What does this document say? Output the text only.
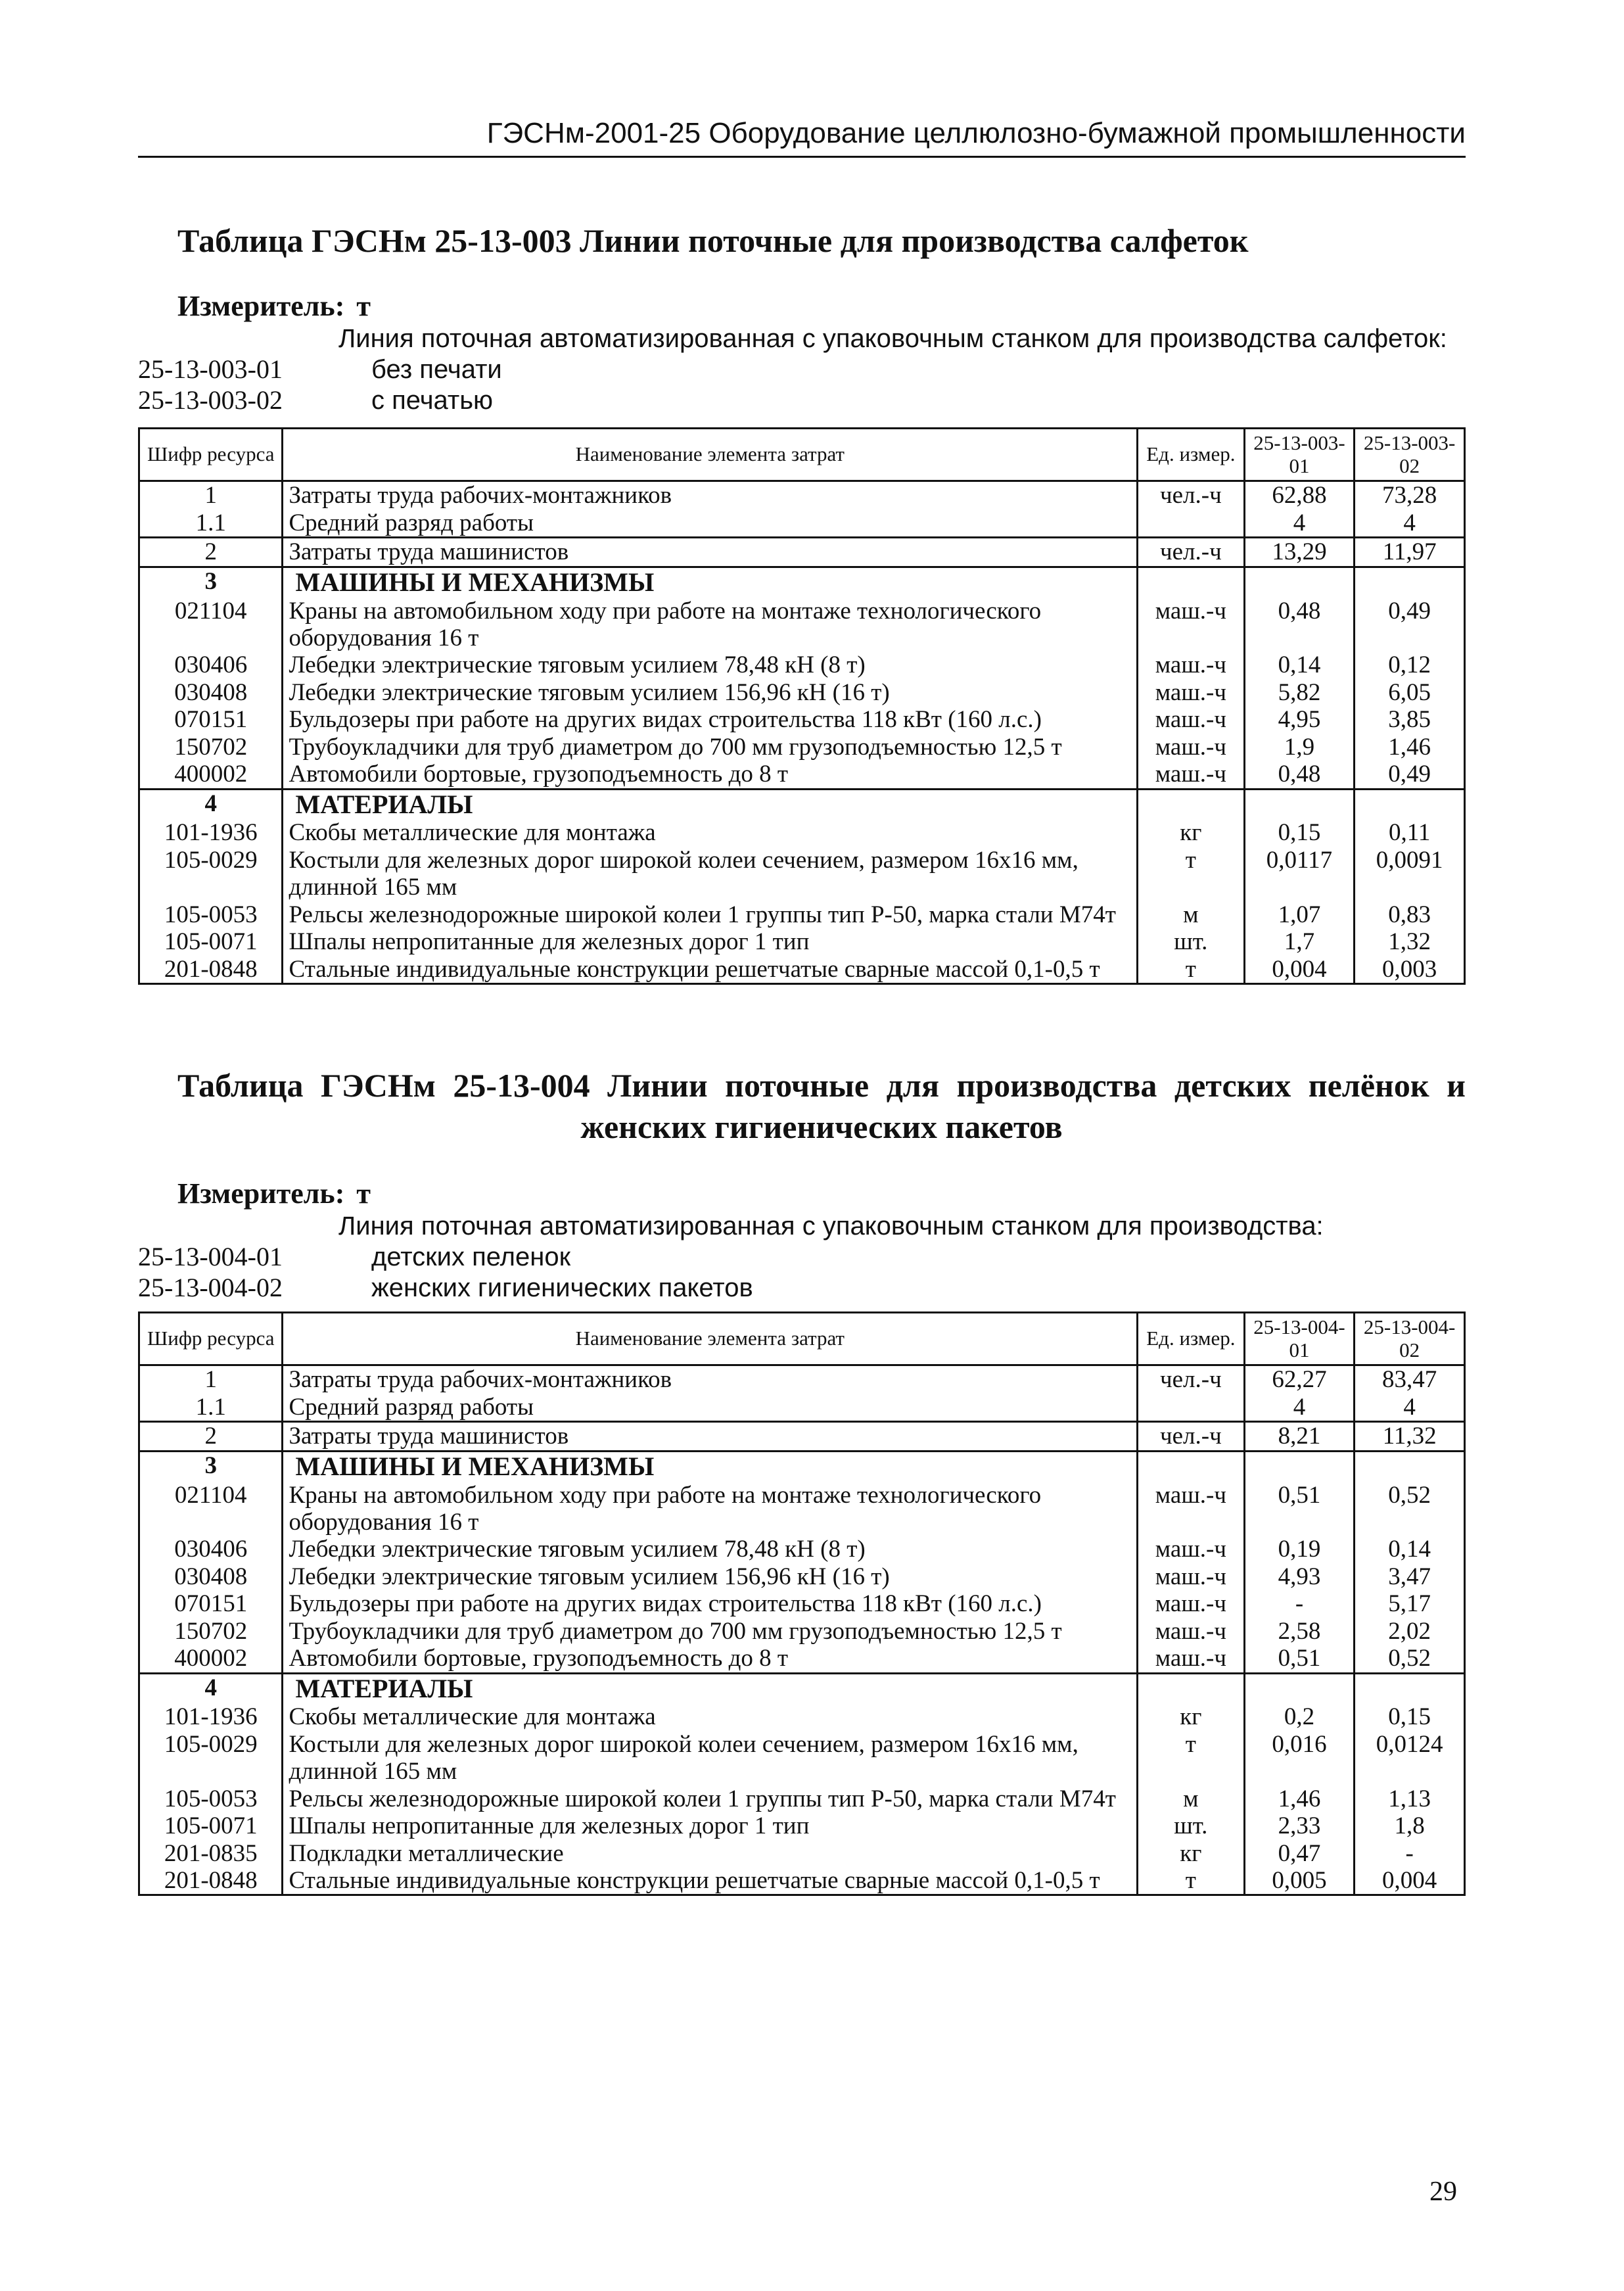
ГЭСНм-2001-25 Оборудование целлюлозно-бумажной промышленности
Таблица ГЭСНм 25-13-003 Линии поточные для производства салфеток
Измеритель: т
Линия поточная автоматизированная с упаковочным станком для производства салфеток:
25-13-003-01	без печати
25-13-003-02	с печатью
Шифр ресурса	Наименование элемента затрат	Ед. измер.	25-13-003-01	25-13-003-02
1	Затраты труда рабочих-монтажников	чел.-ч	62,88	73,28
1.1	Средний разряд работы		4	4
2	Затраты труда машинистов	чел.-ч	13,29	11,97
3	МАШИНЫ И МЕХАНИЗМЫ			
021104	Краны на автомобильном ходу при работе на монтаже технологического оборудования 16 т	маш.-ч	0,48	0,49
030406	Лебедки электрические тяговым усилием 78,48 кН (8 т)	маш.-ч	0,14	0,12
030408	Лебедки электрические тяговым усилием 156,96 кН (16 т)	маш.-ч	5,82	6,05
070151	Бульдозеры при работе на других видах строительства 118 кВт (160 л.с.)	маш.-ч	4,95	3,85
150702	Трубоукладчики для труб диаметром до 700 мм грузоподъемностью 12,5 т	маш.-ч	1,9	1,46
400002	Автомобили бортовые, грузоподъемность до 8 т	маш.-ч	0,48	0,49
4	МАТЕРИАЛЫ			
101-1936	Скобы металлические для монтажа	кг	0,15	0,11
105-0029	Костыли для железных дорог широкой колеи сечением, размером 16x16 мм, длинной 165 мм	т	0,0117	0,0091
105-0053	Рельсы железнодорожные широкой колеи 1 группы тип Р-50, марка стали М74т	м	1,07	0,83
105-0071	Шпалы непропитанные для железных дорог 1 тип	шт.	1,7	1,32
201-0848	Стальные индивидуальные конструкции решетчатые сварные массой 0,1-0,5 т	т	0,004	0,003
Таблица ГЭСНм 25-13-004 Линии поточные для производства детских пелёнок и
женских гигиенических пакетов
Измеритель: т
Линия поточная автоматизированная с упаковочным станком для производства:
25-13-004-01	детских пеленок
25-13-004-02	женских гигиенических пакетов
Шифр ресурса	Наименование элемента затрат	Ед. измер.	25-13-004-01	25-13-004-02
1	Затраты труда рабочих-монтажников	чел.-ч	62,27	83,47
1.1	Средний разряд работы		4	4
2	Затраты труда машинистов	чел.-ч	8,21	11,32
3	МАШИНЫ И МЕХАНИЗМЫ			
021104	Краны на автомобильном ходу при работе на монтаже технологического оборудования 16 т	маш.-ч	0,51	0,52
030406	Лебедки электрические тяговым усилием 78,48 кН (8 т)	маш.-ч	0,19	0,14
030408	Лебедки электрические тяговым усилием 156,96 кН (16 т)	маш.-ч	4,93	3,47
070151	Бульдозеры при работе на других видах строительства 118 кВт (160 л.с.)	маш.-ч	-	5,17
150702	Трубоукладчики для труб диаметром до 700 мм грузоподъемностью 12,5 т	маш.-ч	2,58	2,02
400002	Автомобили бортовые, грузоподъемность до 8 т	маш.-ч	0,51	0,52
4	МАТЕРИАЛЫ			
101-1936	Скобы металлические для монтажа	кг	0,2	0,15
105-0029	Костыли для железных дорог широкой колеи сечением, размером 16x16 мм, длинной 165 мм	т	0,016	0,0124
105-0053	Рельсы железнодорожные широкой колеи 1 группы тип Р-50, марка стали М74т	м	1,46	1,13
105-0071	Шпалы непропитанные для железных дорог 1 тип	шт.	2,33	1,8
201-0835	Подкладки металлические	кг	0,47	-
201-0848	Стальные индивидуальные конструкции решетчатые сварные массой 0,1-0,5 т	т	0,005	0,004
29
